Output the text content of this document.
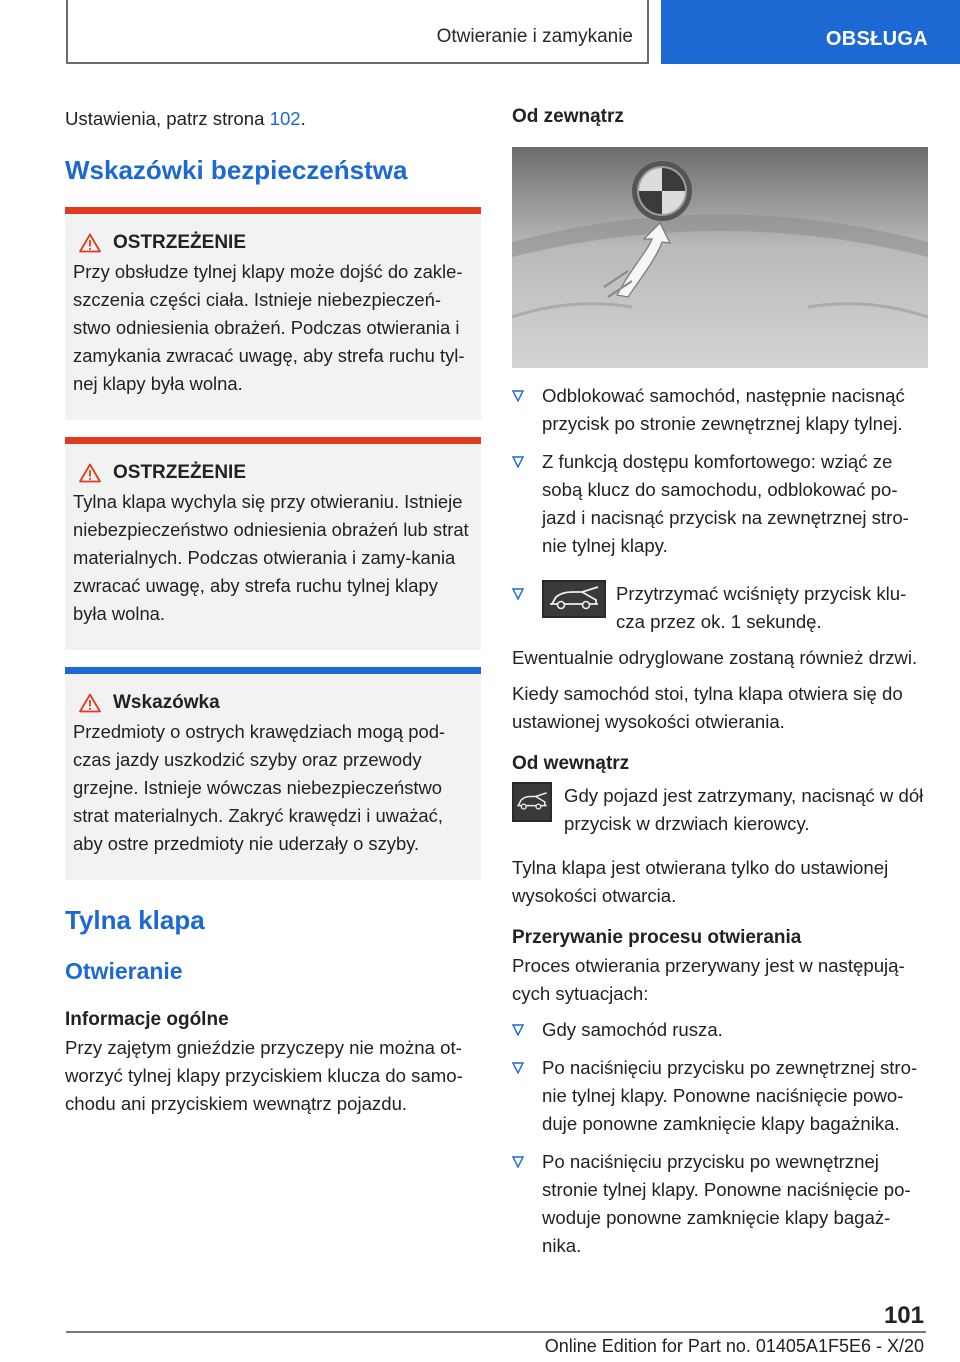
Otwieranie i zamykanie	OBSŁUGA

Ustawienia, patrz strona 102.

Wskazówki bezpieczeństwa
OSTRZEŻENIE

Przy obsłudze tylnej klapy może dojść do zakle-szczenia części ciała. Istnieje niebezpieczeń-stwo odniesienia obrażeń. Podczas otwierania i zamykania zwracać uwagę, aby strefa ruchu tyl-nej klapy była wolna.

OSTRZEŻENIE

Tylna klapa wychyla się przy otwieraniu. Istnieje niebezpieczeństwo odniesienia obrażeń lub strat materialnych. Podczas otwierania i zamy-kania zwracać uwagę, aby strefa ruchu tylnej klapy była wolna.

Wskazówka

Przedmioty o ostrych krawędziach mogą pod-czas jazdy uszkodzić szyby oraz przewody grzejne. Istnieje wówczas niebezpieczeństwo strat materialnych. Zakryć krawędzi i uważać, aby ostre przedmioty nie uderzały o szyby.

Tylna klapa
Otwieranie
Informacje ogólne

Przy zajętym gnieździe przyczepy nie można ot-worzyć tylnej klapy przyciskiem klucza do samo-chodu ani przyciskiem wewnątrz pojazdu.

Od zewnątrz
Odblokować samochód, następnie nacisnąć przycisk po stronie zewnętrznej klapy tylnej.
Z funkcją dostępu komfortowego: wziąć ze sobą klucz do samochodu, odblokować po-jazd i nacisnąć przycisk na zewnętrznej stro-nie tylnej klapy.
Przytrzymać wciśnięty przycisk klu-cza przez ok. 1 sekundę.

Ewentualnie odryglowane zostaną również drzwi.

Kiedy samochód stoi, tylna klapa otwiera się do ustawionej wysokości otwierania.

Od wewnątrz

Gdy pojazd jest zatrzymany, nacisnąć w dół przycisk w drzwiach kierowcy.

Tylna klapa jest otwierana tylko do ustawionej wysokości otwarcia.

Przerywanie procesu otwierania

Proces otwierania przerywany jest w następują-cych sytuacjach:

Gdy samochód rusza.
Po naciśnięciu przycisku po zewnętrznej stro-nie tylnej klapy. Ponowne naciśnięcie powo-duje ponowne zamknięcie klapy bagażnika.
Po naciśnięciu przycisku po wewnętrznej stronie tylnej klapy. Ponowne naciśnięcie po-woduje ponowne zamknięcie klapy bagaż-nika.
101
Online Edition for Part no. 01405A1F5E6 - X/20
